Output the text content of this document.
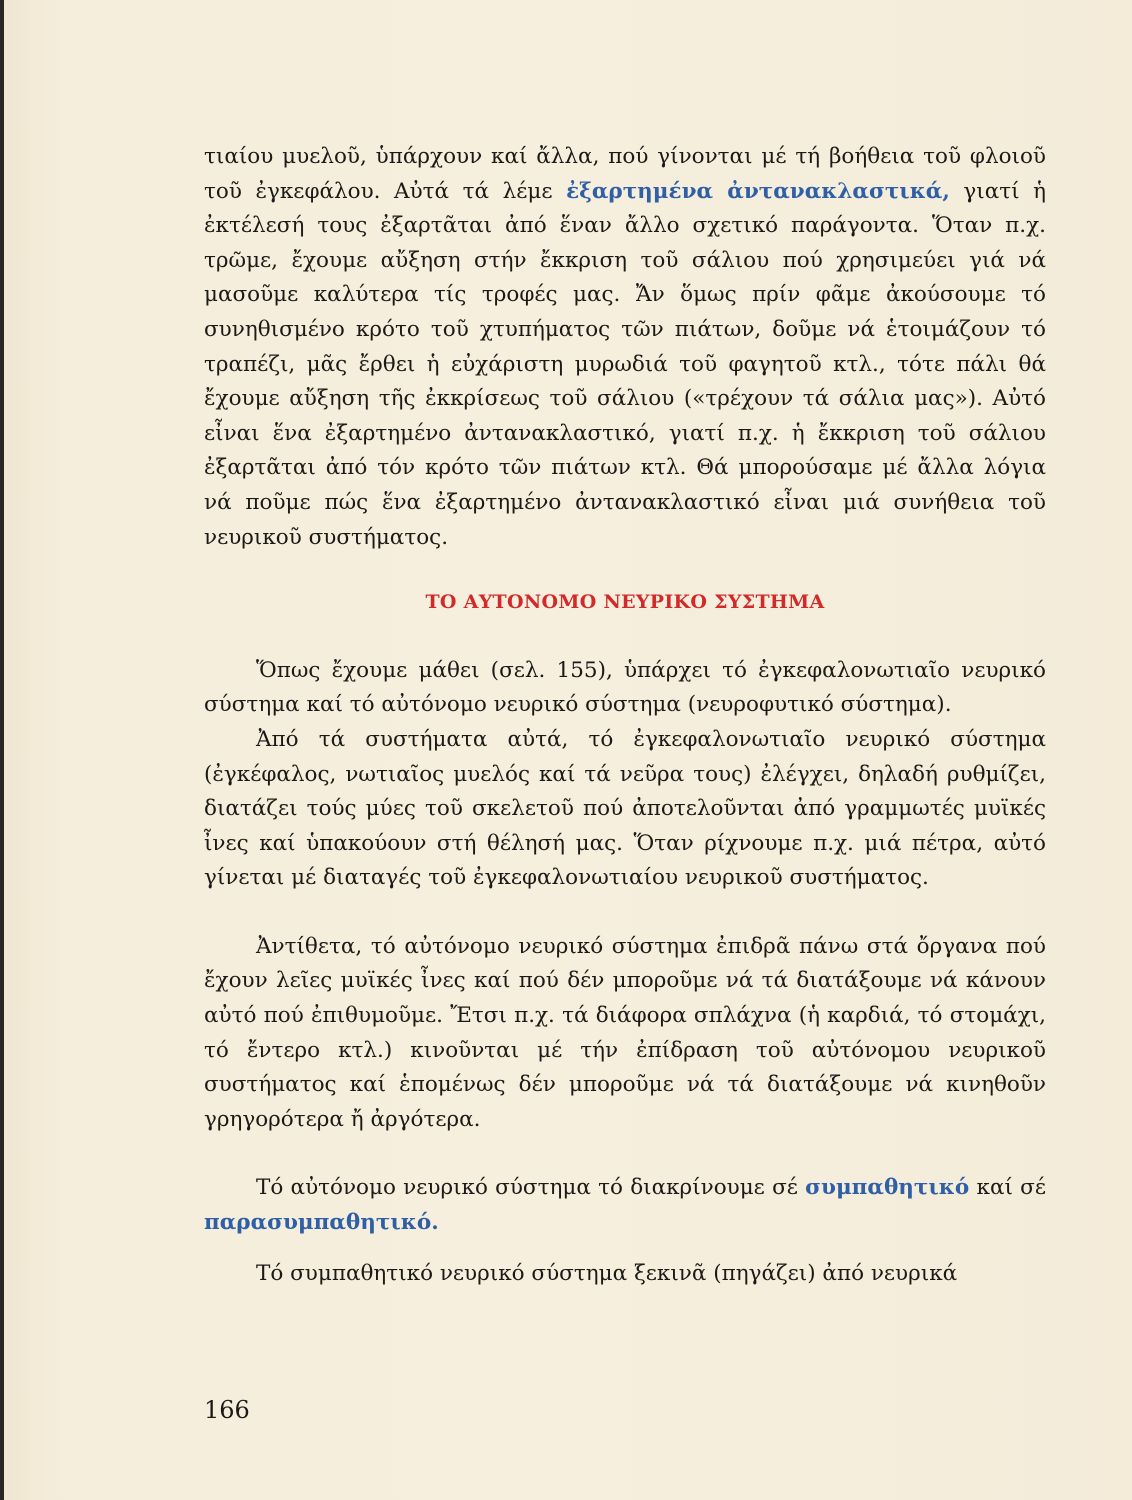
τιαίου μυελοῦ, ὑπάρχουν καί ἄλλα, πού γίνονται μέ τή βοήθεια τοῦ φλοιοῦ τοῦ ἐγκεφάλου. Αὐτά τά λέμε ἐξαρτημένα ἀντανακλαστικά, γιατί ἡ ἐκτέλεσή τους ἐξαρτᾶται ἀπό ἕναν ἄλλο σχετικό παράγοντα. Ὅταν π.χ. τρῶμε, ἔχουμε αὔξηση στήν ἔκκριση τοῦ σάλιου πού χρησιμεύει γιά νά μασοῦμε καλύτερα τίς τροφές μας. Ἄν ὅμως πρίν φᾶμε ἀκούσουμε τό συνηθισμένο κρότο τοῦ χτυπήματος τῶν πιάτων, δοῦμε νά ἑτοιμάζουν τό τραπέζι, μᾶς ἔρθει ἡ εὐχάριστη μυρωδιά τοῦ φαγητοῦ κτλ., τότε πάλι θά ἔχουμε αὔξηση τῆς ἐκκρίσεως τοῦ σάλιου («τρέχουν τά σάλια μας»). Αὐτό εἶναι ἕνα ἐξαρτημένο ἀντανακλαστικό, γιατί π.χ. ἡ ἔκκριση τοῦ σάλιου ἐξαρτᾶται ἀπό τόν κρότο τῶν πιάτων κτλ. Θά μπορούσαμε μέ ἄλλα λόγια νά ποῦμε πώς ἕνα ἐξαρτημένο ἀντανακλαστικό εἶναι μιά συνήθεια τοῦ νευρικοῦ συστήματος.

ΤΟ ΑΥΤΟΝΟΜΟ ΝΕΥΡΙΚΟ ΣΥΣΤΗΜΑ

Ὅπως ἔχουμε μάθει (σελ. 155), ὑπάρχει τό ἐγκεφαλονωτιαῖο νευρικό σύστημα καί τό αὐτόνομο νευρικό σύστημα (νευροφυτικό σύστημα).

Ἀπό τά συστήματα αὐτά, τό ἐγκεφαλονωτιαῖο νευρικό σύστημα (ἐγκέφαλος, νωτιαῖος μυελός καί τά νεῦρα τους) ἐλέγχει, δηλαδή ρυθμίζει, διατάζει τούς μύες τοῦ σκελετοῦ πού ἀποτελοῦνται ἀπό γραμμωτές μυϊκές ἶνες καί ὑπακούουν στή θέλησή μας. Ὅταν ρίχνουμε π.χ. μιά πέτρα, αὐτό γίνεται μέ διαταγές τοῦ ἐγκεφαλονωτιαίου νευρικοῦ συστήματος.

Ἀντίθετα, τό αὐτόνομο νευρικό σύστημα ἐπιδρᾶ πάνω στά ὄργανα πού ἔχουν λεῖες μυϊκές ἶνες καί πού δέν μποροῦμε νά τά διατάξουμε νά κάνουν αὐτό πού ἐπιθυμοῦμε. Ἔτσι π.χ. τά διάφορα σπλάχνα (ἡ καρδιά, τό στομάχι, τό ἔντερο κτλ.) κινοῦνται μέ τήν ἐπίδραση τοῦ αὐτόνομου νευρικοῦ συστήματος καί ἑπομένως δέν μποροῦμε νά τά διατάξουμε νά κινηθοῦν γρηγορότερα ἤ ἀργότερα.

Τό αὐτόνομο νευρικό σύστημα τό διακρίνουμε σέ συμπαθητικό καί σέ παρασυμπαθητικό.

Τό συμπαθητικό νευρικό σύστημα ξεκινᾶ (πηγάζει) ἀπό νευρικά

166
